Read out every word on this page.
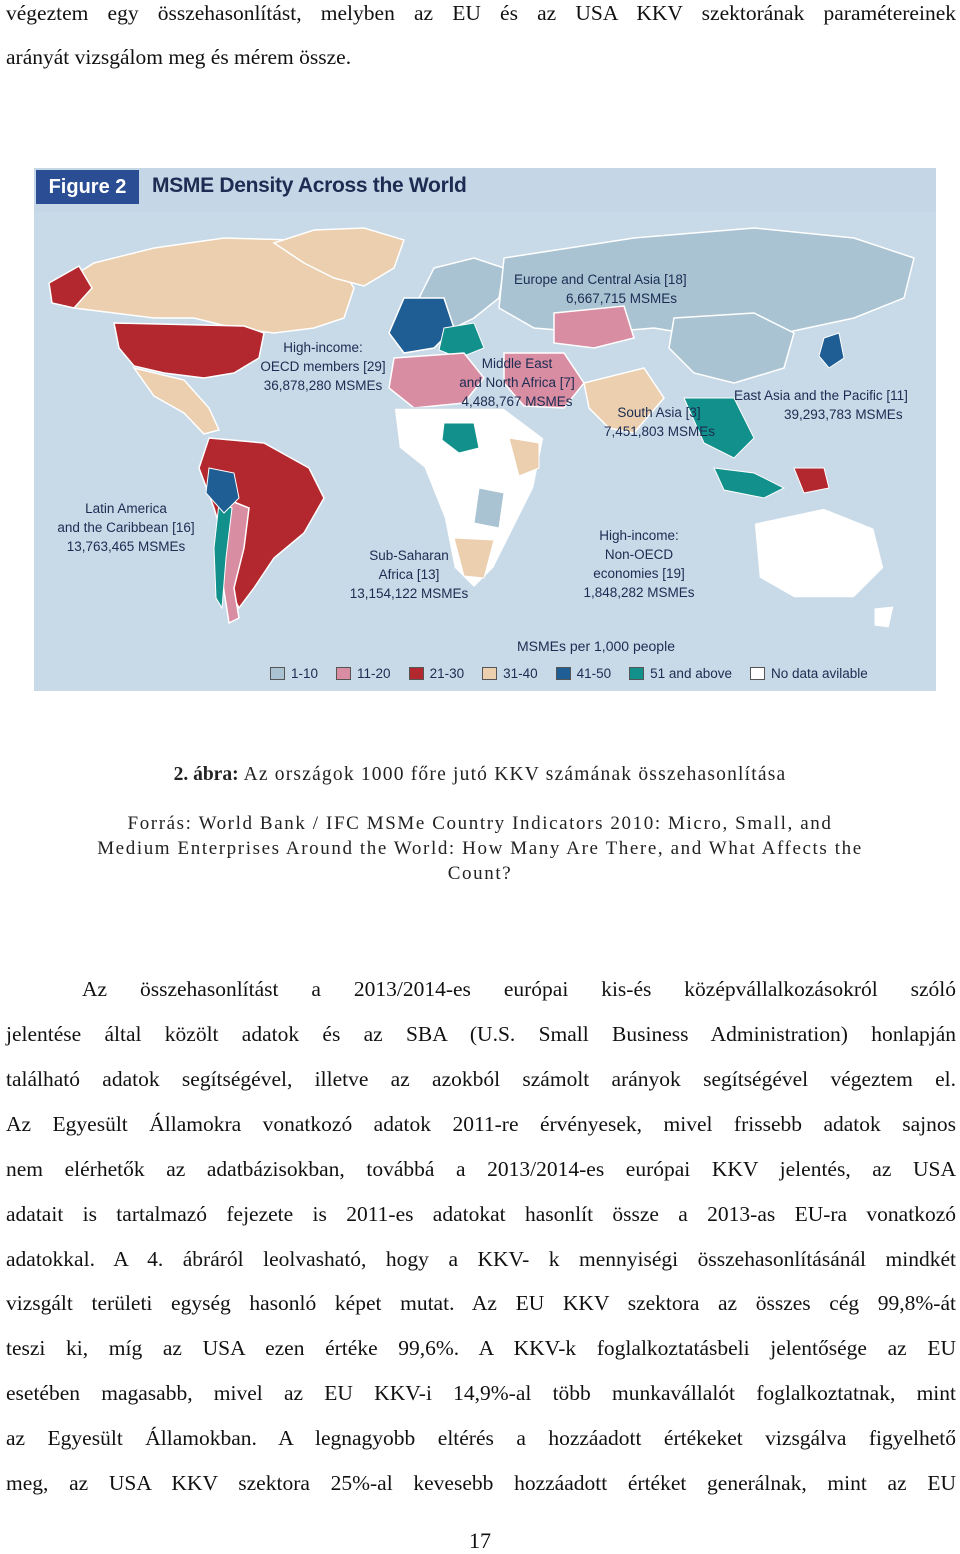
végeztem egy összehasonlítást, melyben az EU és az USA KKV szektorának paramétereinek
arányát vizsgálom meg és mérem össze.
Figure 2	MSME Density Across the World
Europe and Central Asia [18]
6,667,715 MSMEs
High-income:
OECD members [29]
36,878,280 MSMEs
Middle East
and North Africa [7]
4,488,767 MSMEs	East Asia and the Pacific [11]
39,293,783 MSMEs
South Asia [3]
7,451,803 MSMEs
Latin America
and the Caribbean [16]
13,763,465 MSMEs
Sub-Saharan
Africa [13]
13,154,122 MSMEs
High-income:
Non-OECD
economies [19]
1,848,282 MSMEs
MSMEs per 1,000 people
1-10	11-20	21-30	31-40	41-50	51 and above	No data avilable
2. ábra: Az országok 1000 főre jutó KKV számának összehasonlítása
Forrás: World Bank / IFC MSMe Country Indicators 2010: Micro, Small, and
Medium Enterprises Around the World: How Many Are There, and What Affects the
Count?
Az összehasonlítást a 2013/2014-es európai kis-és középvállalkozásokról szóló
jelentése által közölt adatok és az SBA (U.S. Small Business Administration) honlapján
található adatok segítségével, illetve az azokból számolt arányok segítségével végeztem el.
Az Egyesült Államokra vonatkozó adatok 2011-re érvényesek, mivel frissebb adatok sajnos
nem elérhetők az adatbázisokban, továbbá a 2013/2014-es európai KKV jelentés, az USA
adatait is tartalmazó fejezete is 2011-es adatokat hasonlít össze a 2013-as EU-ra vonatkozó
adatokkal. A 4. ábráról leolvasható, hogy a KKV- k mennyiségi összehasonlításánál mindkét
vizsgált területi egység hasonló képet mutat. Az EU KKV szektora az összes cég 99,8%-át
teszi ki, míg az USA ezen értéke 99,6%. A KKV-k foglalkoztatásbeli jelentősége az EU
esetében magasabb, mivel az EU KKV-i 14,9%-al több munkavállalót foglalkoztatnak, mint
az Egyesült Államokban. A legnagyobb eltérés a hozzáadott értékeket vizsgálva figyelhető
meg, az USA KKV szektora 25%-al kevesebb hozzáadott értéket generálnak, mint az EU
17
